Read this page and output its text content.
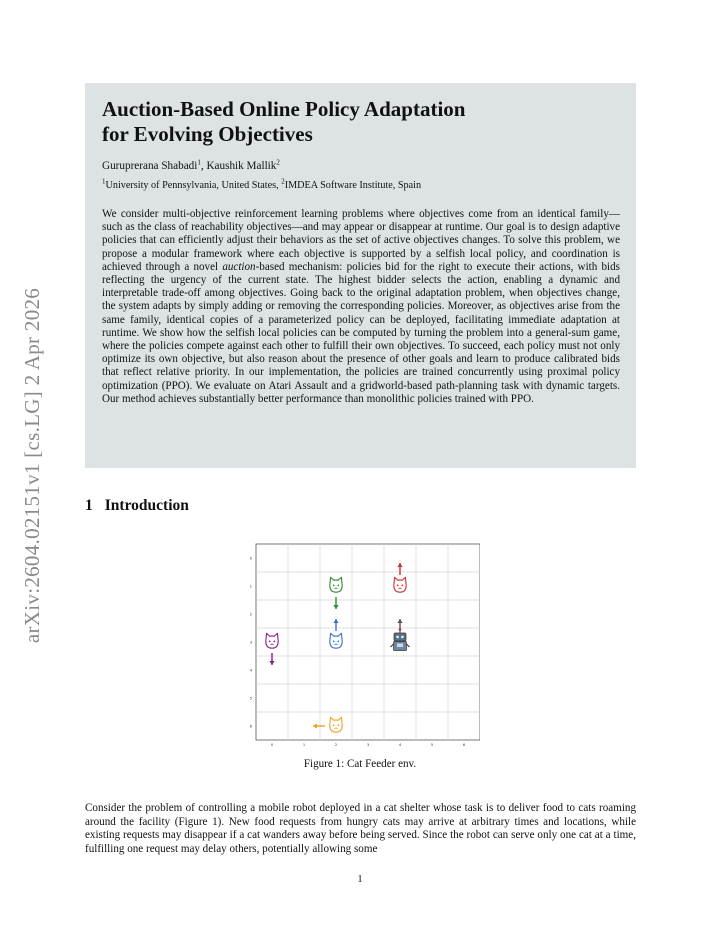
arXiv:2604.02151v1 [cs.LG] 2 Apr 2026
Auction-Based Online Policy Adaptation
for Evolving Objectives
Guruprerana Shabadi$^1$, Kaushik Mallik$^2$
$^1$University of Pennsylvania, United States, $^2$IMDEA Software Institute, Spain

We consider multi-objective reinforcement learning problems where objectives come from an identical family—such as the class of reachability objectives—and may appear or disappear at runtime. Our goal is to design adaptive policies that can efficiently adjust their behaviors as the set of active objectives changes. To solve this problem, we propose a modular framework where each objective is supported by a selfish local policy, and coordination is achieved through a novel auction-based mechanism: policies bid for the right to execute their actions, with bids reflecting the urgency of the current state. The highest bidder selects the action, enabling a dynamic and interpretable trade-off among objectives. Going back to the original adaptation problem, when objectives change, the system adapts by simply adding or removing the corresponding policies. Moreover, as objectives arise from the same family, identical copies of a parameterized policy can be deployed, facilitating immediate adaptation at runtime. We show how the selfish local policies can be computed by turning the problem into a general-sum game, where the policies compete against each other to fulfill their own objectives. To succeed, each policy must not only optimize its own objective, but also reason about the presence of other goals and learn to produce calibrated bids that reflect relative priority. In our implementation, the policies are trained concurrently using proximal policy optimization (PPO). We evaluate on Atari Assault and a gridworld-based path-planning task with dynamic targets. Our method achieves substantially better performance than monolithic policies trained with PPO.

1 Introduction
0	1	2	3	4	5	6
0
1
2
3
4
5
6
Figure 1: Cat Feeder env.

Consider the problem of controlling a mobile robot deployed in a cat shelter whose task is to deliver food to cats roaming around the facility (Figure 1). New food requests from hungry cats may arrive at arbitrary times and locations, while existing requests may disappear if a cat wanders away before being served. Since the robot can serve only one cat at a time, fulfilling one request may delay others, potentially allowing some

1
